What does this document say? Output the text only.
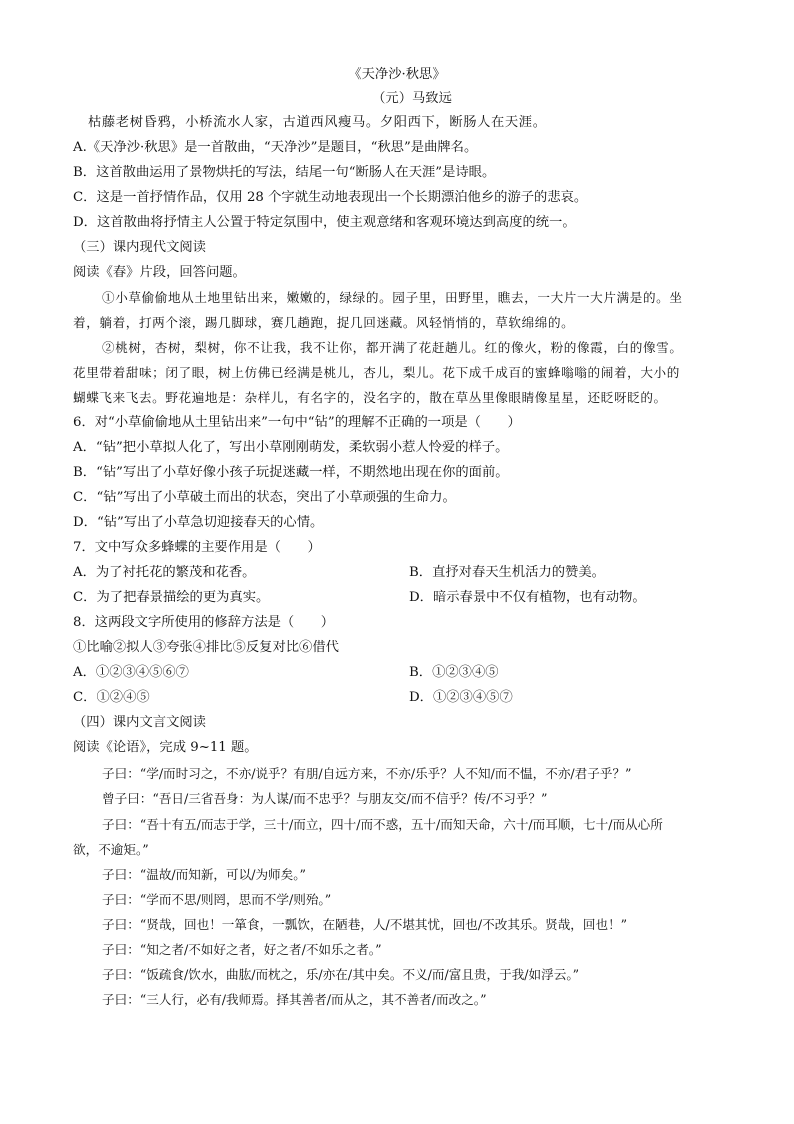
《天净沙·秋思》
（元）马致远
枯藤老树昏鸦，小桥流水人家，古道西风瘦马。夕阳西下，断肠人在天涯。
A.《天净沙·秋思》是一首散曲，“天净沙”是题目，“秋思”是曲牌名。
B．这首散曲运用了景物烘托的写法，结尾一句“断肠人在天涯”是诗眼。
C．这是一首抒情作品，仅用 28 个字就生动地表现出一个长期漂泊他乡的游子的悲哀。
D．这首散曲将抒情主人公置于特定氛围中，使主观意绪和客观环境达到高度的统一。
（三）课内现代文阅读
阅读《春》片段，回答问题。
①小草偷偷地从土地里钻出来，嫩嫩的，绿绿的。园子里，田野里，瞧去，一大片一大片满是的。坐
着，躺着，打两个滚，踢几脚球，赛几趟跑，捉几回迷藏。风轻悄悄的，草软绵绵的。
②桃树，杏树，梨树，你不让我，我不让你，都开满了花赶趟儿。红的像火，粉的像霞，白的像雪。
花里带着甜味；闭了眼，树上仿佛已经满是桃儿，杏儿，梨儿。花下成千成百的蜜蜂嗡嗡的闹着，大小的
蝴蝶飞来飞去。野花遍地是：杂样儿，有名字的，没名字的，散在草丛里像眼睛像星星，还眨呀眨的。
6．对“小草偷偷地从土里钻出来”一句中“钻”的理解不正确的一项是（　　）
A．“钻”把小草拟人化了，写出小草刚刚萌发，柔软弱小惹人怜爱的样子。
B．“钻”写出了小草好像小孩子玩捉迷藏一样，不期然地出现在你的面前。
C．“钻”写出了小草破土而出的状态，突出了小草顽强的生命力。
D．“钻”写出了小草急切迎接春天的心情。
7．文中写众多蜂蝶的主要作用是（　　）
A．为了衬托花的繁茂和花香。	B．直抒对春天生机活力的赞美。
C．为了把春景描绘的更为真实。	D．暗示春景中不仅有植物，也有动物。
8．这两段文字所使用的修辞方法是（　　）
①比喻②拟人③夸张④排比⑤反复对比⑥借代
A．①②③④⑤⑥⑦	B．①②③④⑤
C．①②④⑤	D．①②③④⑤⑦
（四）课内文言文阅读
阅读《论语》，完成 9~11 题。
子曰：“学/而时习之，不亦/说乎？有朋/自远方来，不亦/乐乎？人不知/而不愠，不亦/君子乎？”
曾子曰：“吾日/三省吾身：为人谋/而不忠乎？与朋友交/而不信乎？传/不习乎？”
子曰：“吾十有五/而志于学，三十/而立，四十/而不惑，五十/而知天命，六十/而耳顺，七十/而从心所
欲，不逾矩。”
子曰：“温故/而知新，可以/为师矣。”
子曰：“学而不思/则罔，思而不学/则殆。”
子曰：“贤哉，回也！一箪食，一瓢饮，在陋巷，人/不堪其忧，回也/不改其乐。贤哉，回也！”
子曰：“知之者/不如好之者，好之者/不如乐之者。”
子曰：“饭疏食/饮水，曲肱/而枕之，乐/亦在/其中矣。不义/而/富且贵，于我/如浮云。”
子曰：“三人行，必有/我师焉。择其善者/而从之，其不善者/而改之。”
